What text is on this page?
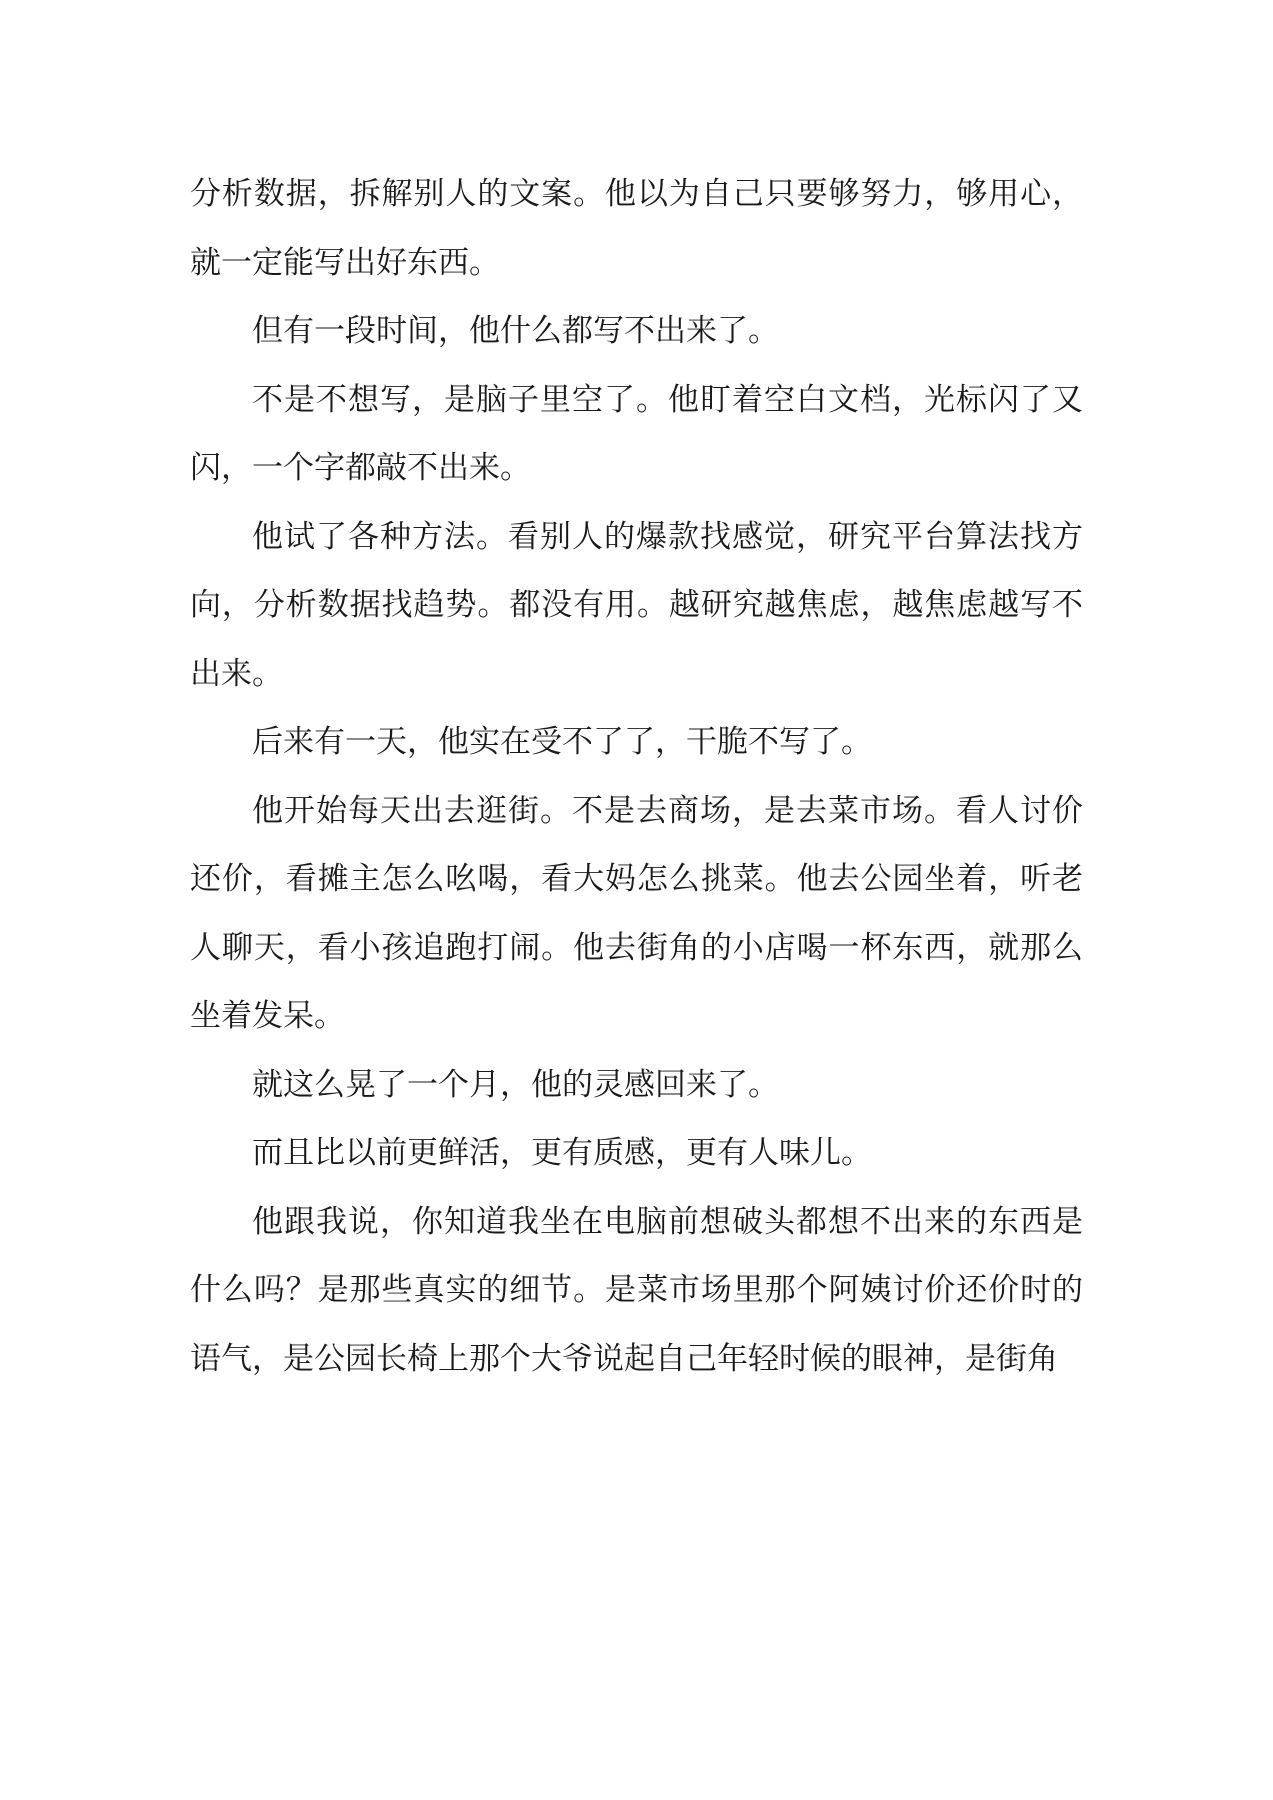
分析数据，拆解别人的文案。他以为自己只要够努力，够用心，就一定能写出好东西。

但有一段时间，他什么都写不出来了。

不是不想写，是脑子里空了。他盯着空白文档，光标闪了又闪，一个字都敲不出来。

他试了各种方法。看别人的爆款找感觉，研究平台算法找方向，分析数据找趋势。都没有用。越研究越焦虑，越焦虑越写不出来。

后来有一天，他实在受不了了，干脆不写了。

他开始每天出去逛街。不是去商场，是去菜市场。看人讨价还价，看摊主怎么吆喝，看大妈怎么挑菜。他去公园坐着，听老人聊天，看小孩追跑打闹。他去街角的小店喝一杯东西，就那么坐着发呆。

就这么晃了一个月，他的灵感回来了。

而且比以前更鲜活，更有质感，更有人味儿。

他跟我说，你知道我坐在电脑前想破头都想不出来的东西是什么吗？是那些真实的细节。是菜市场里那个阿姨讨价还价时的语气，是公园长椅上那个大爷说起自己年轻时候的眼神，是街角
